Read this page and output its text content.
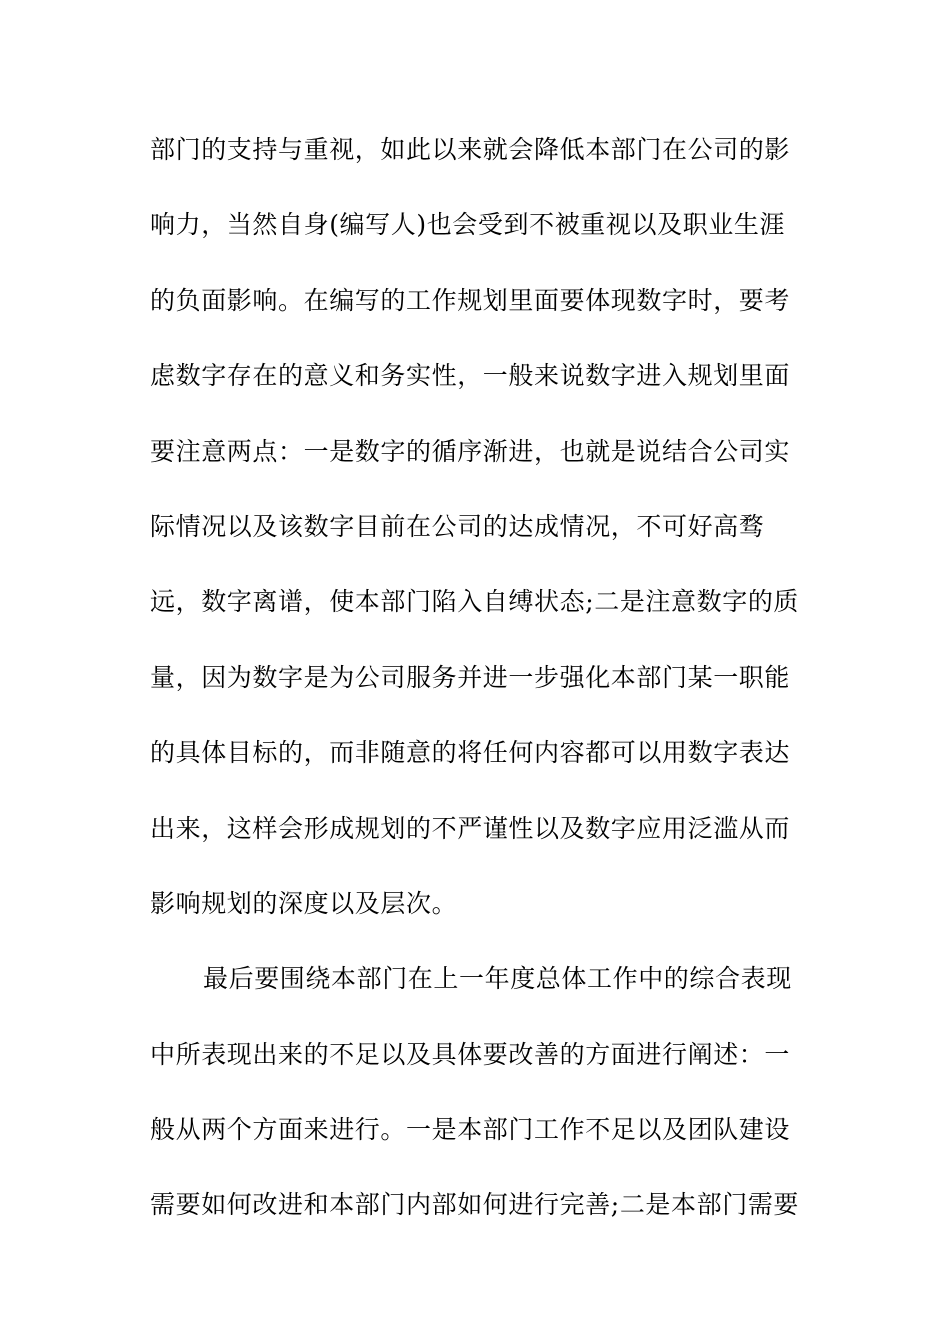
部门的支持与重视，如此以来就会降低本部门在公司的影
响力，当然自身(编写人)也会受到不被重视以及职业生涯
的负面影响。在编写的工作规划里面要体现数字时，要考
虑数字存在的意义和务实性，一般来说数字进入规划里面
要注意两点：一是数字的循序渐进，也就是说结合公司实
际情况以及该数字目前在公司的达成情况，不可好高骛
远，数字离谱，使本部门陷入自缚状态;二是注意数字的质
量，因为数字是为公司服务并进一步强化本部门某一职能
的具体目标的，而非随意的将任何内容都可以用数字表达
出来，这样会形成规划的不严谨性以及数字应用泛滥从而
影响规划的深度以及层次。
最后要围绕本部门在上一年度总体工作中的综合表现
中所表现出来的不足以及具体要改善的方面进行阐述：一
般从两个方面来进行。一是本部门工作不足以及团队建设
需要如何改进和本部门内部如何进行完善;二是本部门需要
